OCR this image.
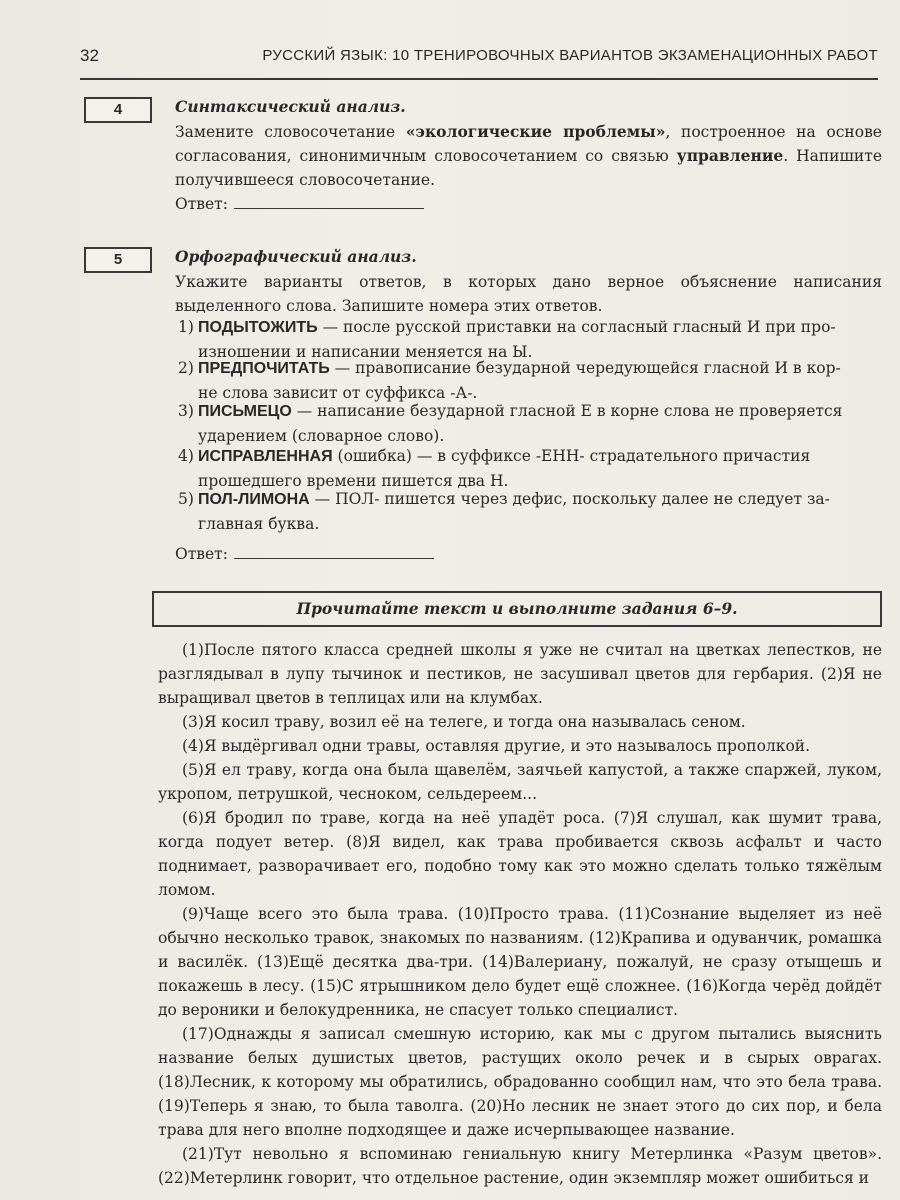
32	РУССКИЙ ЯЗЫК: 10 ТРЕНИРОВОЧНЫХ ВАРИАНТОВ ЭКЗАМЕНАЦИОННЫХ РАБОТ
4	Синтаксический анализ.
Замените словосочетание «экологические проблемы», построенное на основе согласования, синонимичным словосочетанием со связью управление. Напишите получившееся словосочетание.
Ответ:
5	Орфографический анализ.
Укажите варианты ответов, в которых дано верное объяснение написания выделенного слова. Запишите номера этих ответов.
1) ПОДЫТОЖИТЬ — после русской приставки на согласный гласный И при про-
изношении и написании меняется на Ы.
2) ПРЕДПОЧИТАТЬ — правописание безударной чередующейся гласной И в кор-
не слова зависит от суффикса -А-.
3) ПИСЬМЕЦО — написание безударной гласной Е в корне слова не проверяется
ударением (словарное слово).
4) ИСПРАВЛЕННАЯ (ошибка) — в суффиксе -ЕНН- страдательного причастия
прошедшего времени пишется два Н.
5) ПОЛ-ЛИМОНА — ПОЛ- пишется через дефис, поскольку далее не следует за-
главная буква.
Ответ:
Прочитайте текст и выполните задания 6–9.

(1)После пятого класса средней школы я уже не считал на цветках лепестков, не разглядывал в лупу тычинок и пестиков, не засушивал цветов для гербария. (2)Я не выращивал цветов в теплицах или на клумбах.

(3)Я косил траву, возил её на телеге, и тогда она называлась сеном.

(4)Я выдёргивал одни травы, оставляя другие, и это называлось прополкой.

(5)Я ел траву, когда она была щавелём, заячьей капустой, а также спаржей, луком, укропом, петрушкой, чесноком, сельдереем...

(6)Я бродил по траве, когда на неё упадёт роса. (7)Я слушал, как шумит трава, когда подует ветер. (8)Я видел, как трава пробивается сквозь асфальт и часто поднимает, разворачивает его, подобно тому как это можно сделать только тяжёлым ломом.

(9)Чаще всего это была трава. (10)Просто трава. (11)Сознание выделяет из неё обычно несколько травок, знакомых по названиям. (12)Крапива и одуванчик, ромашка и василёк. (13)Ещё десятка два-три. (14)Валериану, пожалуй, не сразу отыщешь и покажешь в лесу. (15)С ятрышником дело будет ещё сложнее. (16)Когда черёд дойдёт до вероники и белокудренника, не спасует только специалист.

(17)Однажды я записал смешную историю, как мы с другом пытались выяснить название белых душистых цветов, растущих около речек и в сырых оврагах. (18)Лесник, к которому мы обратились, обрадованно сообщил нам, что это бела трава. (19)Теперь я знаю, то была таволга. (20)Но лесник не знает этого до сих пор, и бела трава для него вполне подходящее и даже исчерпывающее название.

(21)Тут невольно я вспоминаю гениальную книгу Метерлинка «Разум цветов». (22)Метерлинк говорит, что отдельное растение, один экземпляр может ошибиться и
